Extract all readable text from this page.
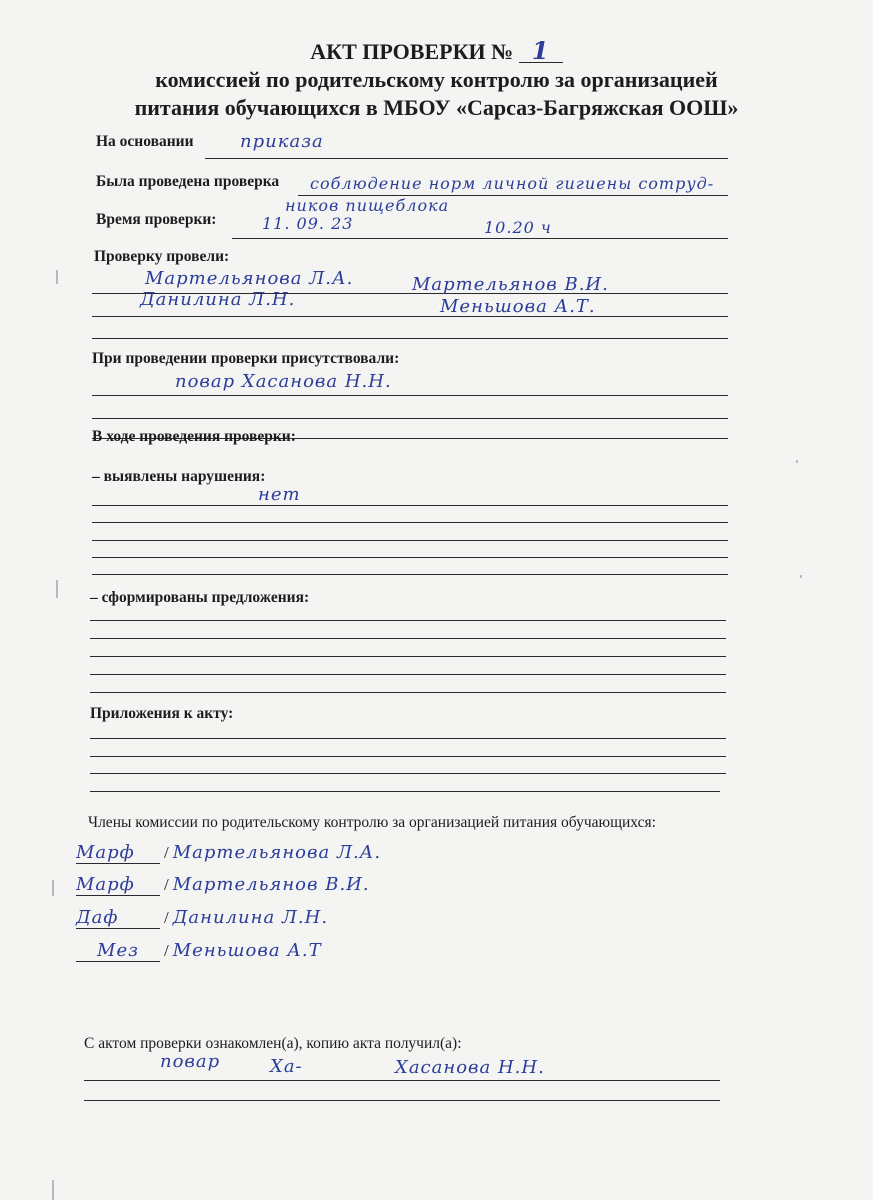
АКТ ПРОВЕРКИ № 1
комиссией по родительскому контролю за организацией
питания обучающихся в МБОУ «Сарсаз-Багряжская ООШ»
На основании	приказа
Была проведена проверка соблюдение норм личной гигиены сотруд-
ников пищеблока
Время проверки:	11. 09. 23	10.20 ч
Проверку провели:
Мартельянова Л.А.	Мартельянов В.И.
Данилина Л.Н.	Меньшова А.Т.
При проведении проверки присутствовали:
повар Хасанова Н.Н.
В ходе проведения проверки:
– выявлены нарушения:
нет
– сформированы предложения:
Приложения к акту:
Члены комиссии по родительскому контролю за организацией питания обучающихся:
Марф / Мартельянова Л.А.
Марф / Мартельянов В.И.
Даф	/ Данилина Л.Н.
Мез / Меньшова А.Т
С актом проверки ознакомлен(а), копию акта получил(а):
повар	Ха-	Хасанова Н.Н.
